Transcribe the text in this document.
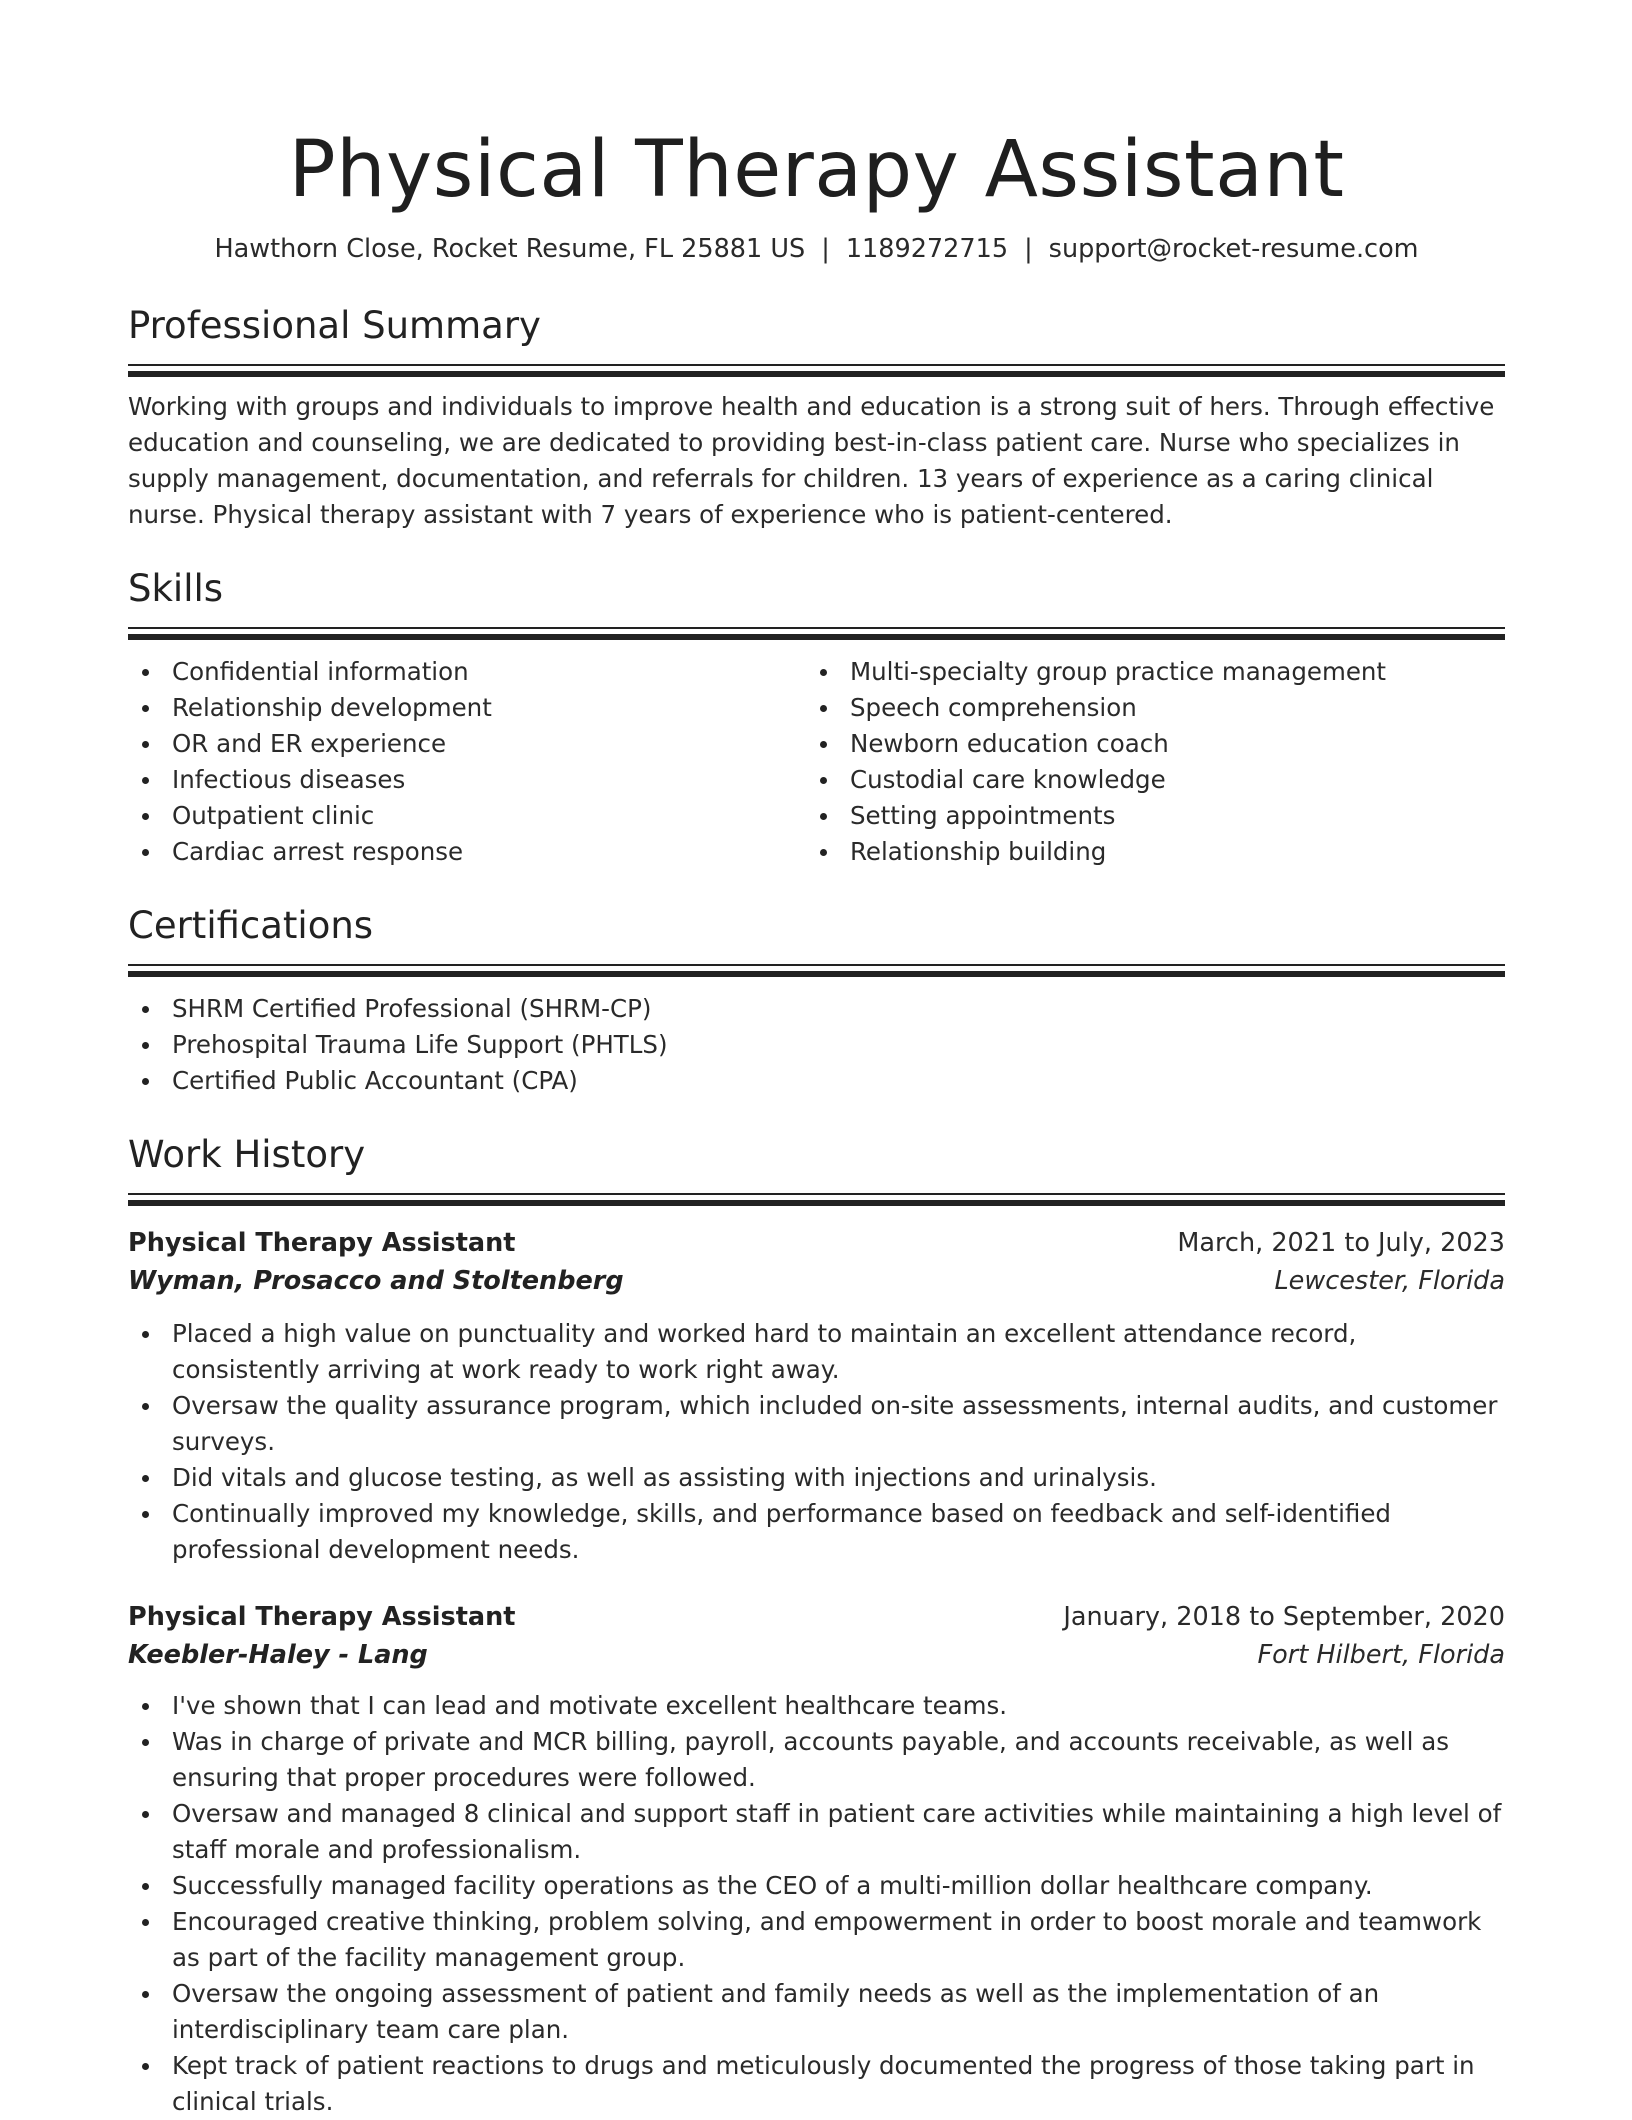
Physical Therapy Assistant
Hawthorn Close, Rocket Resume, FL 25881 US | 1189272715 | support@rocket-resume.com
Professional Summary
Working with groups and individuals to improve health and education is a strong suit of hers. Through effective education and counseling, we are dedicated to providing best-in-class patient care. Nurse who specializes in supply management, documentation, and referrals for children. 13 years of experience as a caring clinical nurse. Physical therapy assistant with 7 years of experience who is patient-centered.
Skills
Confidential information
Relationship development
OR and ER experience
Infectious diseases
Outpatient clinic
Cardiac arrest response
Multi-specialty group practice management
Speech comprehension
Newborn education coach
Custodial care knowledge
Setting appointments
Relationship building
Certifications
SHRM Certified Professional (SHRM-CP)
Prehospital Trauma Life Support (PHTLS)
Certified Public Accountant (CPA)
Work History
Physical Therapy Assistant	March, 2021 to July, 2023
Wyman, Prosacco and Stoltenberg	Lewcester, Florida
Placed a high value on punctuality and worked hard to maintain an excellent attendance record, consistently arriving at work ready to work right away.
Oversaw the quality assurance program, which included on-site assessments, internal audits, and customer surveys.
Did vitals and glucose testing, as well as assisting with injections and urinalysis.
Continually improved my knowledge, skills, and performance based on feedback and self-identified professional development needs.
Physical Therapy Assistant	January, 2018 to September, 2020
Keebler-Haley - Lang	Fort Hilbert, Florida
I've shown that I can lead and motivate excellent healthcare teams.
Was in charge of private and MCR billing, payroll, accounts payable, and accounts receivable, as well as ensuring that proper procedures were followed.
Oversaw and managed 8 clinical and support staff in patient care activities while maintaining a high level of staff morale and professionalism.
Successfully managed facility operations as the CEO of a multi-million dollar healthcare company.
Encouraged creative thinking, problem solving, and empowerment in order to boost morale and teamwork as part of the facility management group.
Oversaw the ongoing assessment of patient and family needs as well as the implementation of an interdisciplinary team care plan.
Kept track of patient reactions to drugs and meticulously documented the progress of those taking part in clinical trials.
